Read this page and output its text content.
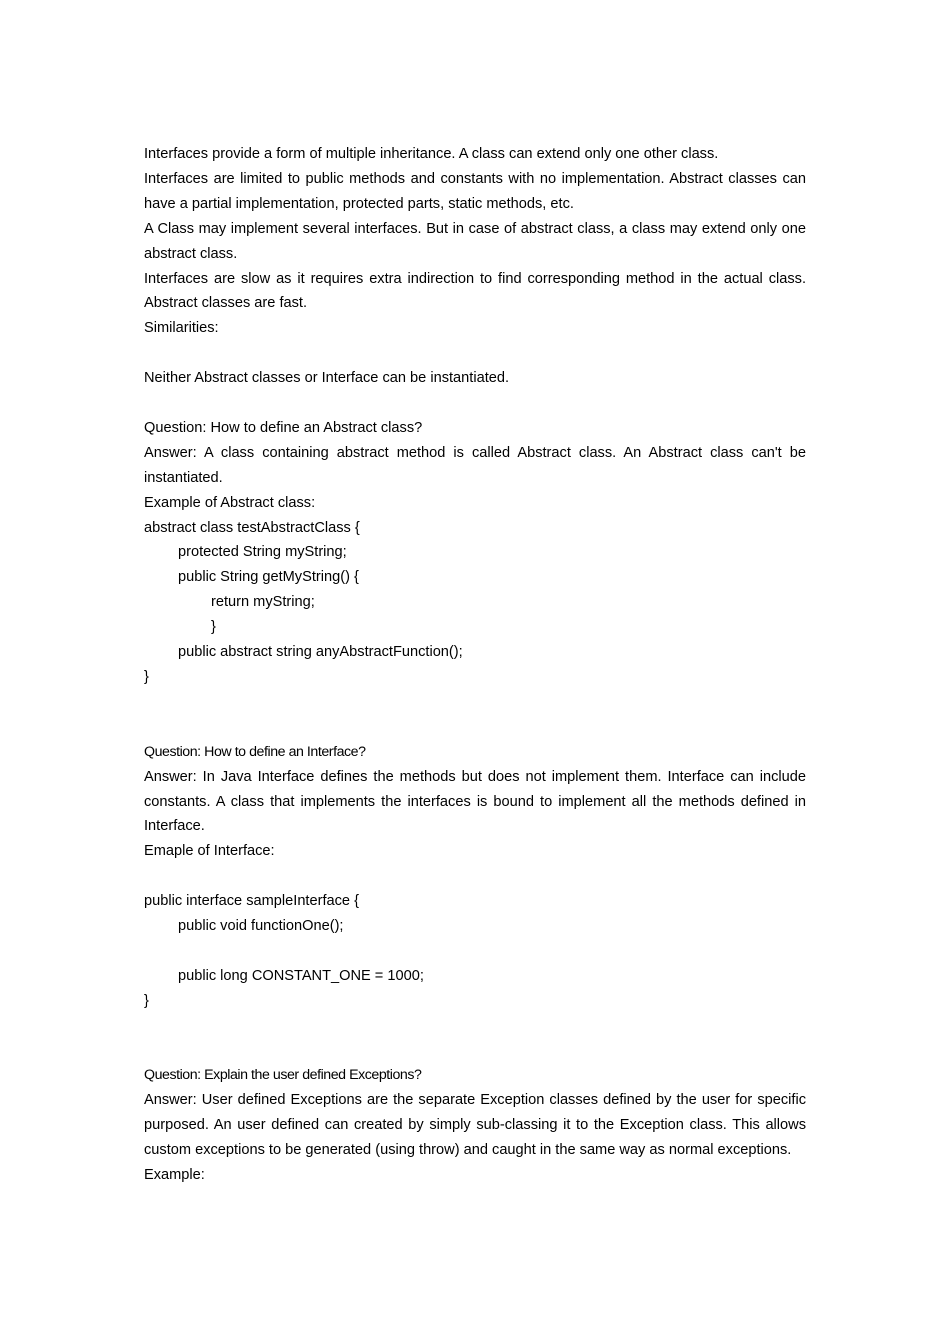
Interfaces provide a form of multiple inheritance. A class can extend only one other class.

Interfaces are limited to public methods and constants with no implementation. Abstract classes can have a partial implementation, protected parts, static methods, etc.

A Class may implement several interfaces. But in case of abstract class, a class may extend only one abstract class.

Interfaces are slow as it requires extra indirection to find corresponding method in the actual class. Abstract classes are fast.

Similarities:

Neither Abstract classes or Interface can be instantiated.

Question: How to define an Abstract class?

Answer: A class containing abstract method is called Abstract class. An Abstract class can't be instantiated.

Example of Abstract class:

abstract class testAbstractClass {

protected String myString;

public String getMyString() {

return myString;

}

public abstract string anyAbstractFunction();

}

Question: How to define an Interface?

Answer: In Java Interface defines the methods but does not implement them. Interface can include constants. A class that implements the interfaces is bound to implement all the methods defined in Interface.

Emaple of Interface:

public interface sampleInterface {

public void functionOne();

public long CONSTANT_ONE = 1000;

}

Question: Explain the user defined Exceptions?

Answer: User defined Exceptions are the separate Exception classes defined by the user for specific purposed. An user defined can created by simply sub-classing it to the Exception class. This allows custom exceptions to be generated (using throw) and caught in the same way as normal exceptions.

Example:
